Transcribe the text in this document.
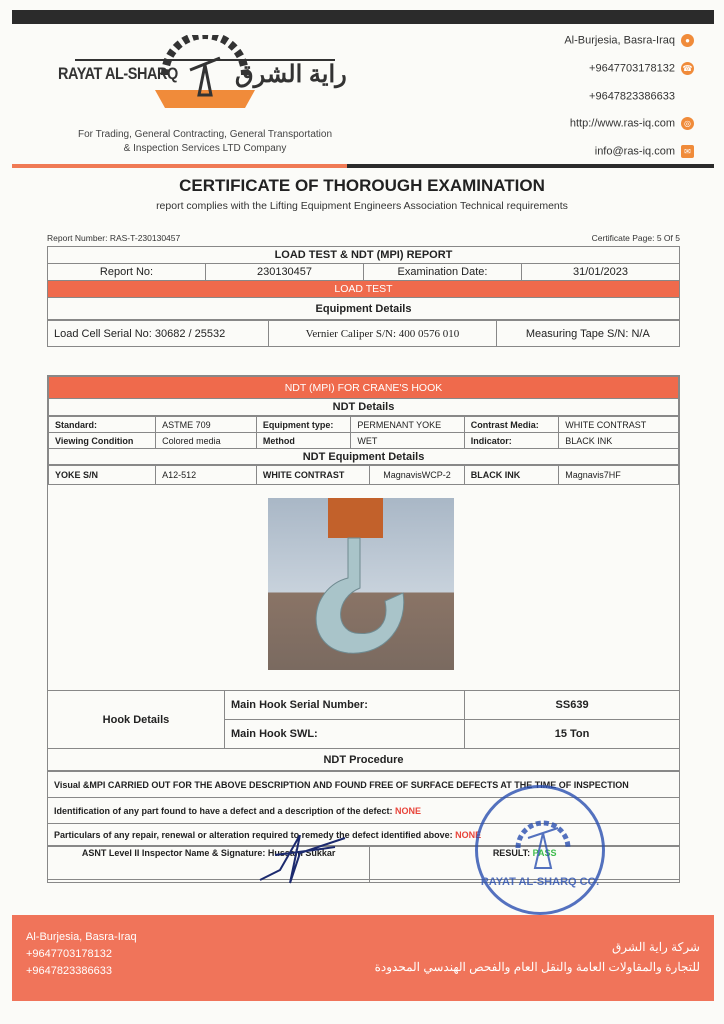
RAYAT AL-SHARQ راية الشرق
For Trading, General Contracting, General Transportation
& Inspection Services LTD Company
Al-Burjesia, Basra-Iraq ●
+9647703178132 ☎
+9647823386633
http://www.ras-iq.com ◎
info@ras-iq.com ✉
CERTIFICATE OF THOROUGH EXAMINATION
report complies with the Lifting Equipment Engineers Association Technical requirements
Report Number: RAS-T-230130457	Certificate Page: 5 Of 5
LOAD TEST & NDT (MPI) REPORT
Report No:	230130457	Examination Date:	31/01/2023
LOAD TEST
Equipment Details
Load Cell Serial No: 30682 / 25532	Vernier Caliper S/N: 400 0576 010	Measuring Tape S/N: N/A
NDT (MPI) FOR CRANE'S HOOK
NDT Details
Standard:	ASTME 709	Equipment type:	PERMENANT YOKE	Contrast Media:	WHITE CONTRAST
Viewing Condition	Colored media	Method	WET	Indicator:	BLACK INK
NDT Equipment Details					
YOKE S/N	A12-512	WHITE CONTRAST	MagnavisWCP-2	BLACK INK	Magnavis7HF
Hook Details	Main Hook Serial Number:	SS639
	Main Hook SWL:	15 Ton
NDT Procedure		
Visual &MPI CARRIED OUT FOR THE ABOVE DESCRIPTION AND FOUND FREE OF SURFACE DEFECTS AT THE TIME OF INSPECTION
Identification of any part found to have a defect and a description of the defect: NONE
Particulars of any repair, renewal or alteration required to remedy the defect identified above: NONE
ASNT Level II Inspector Name & Signature: Hussain Sukkar	RESULT: PASS
RAYAT AL-SHARQ CO.
Al-Burjesia, Basra-Iraq
+9647703178132
+9647823386633
شركة راية الشرق
للتجارة والمقاولات العامة والنقل العام والفحص الهندسي المحدودة
